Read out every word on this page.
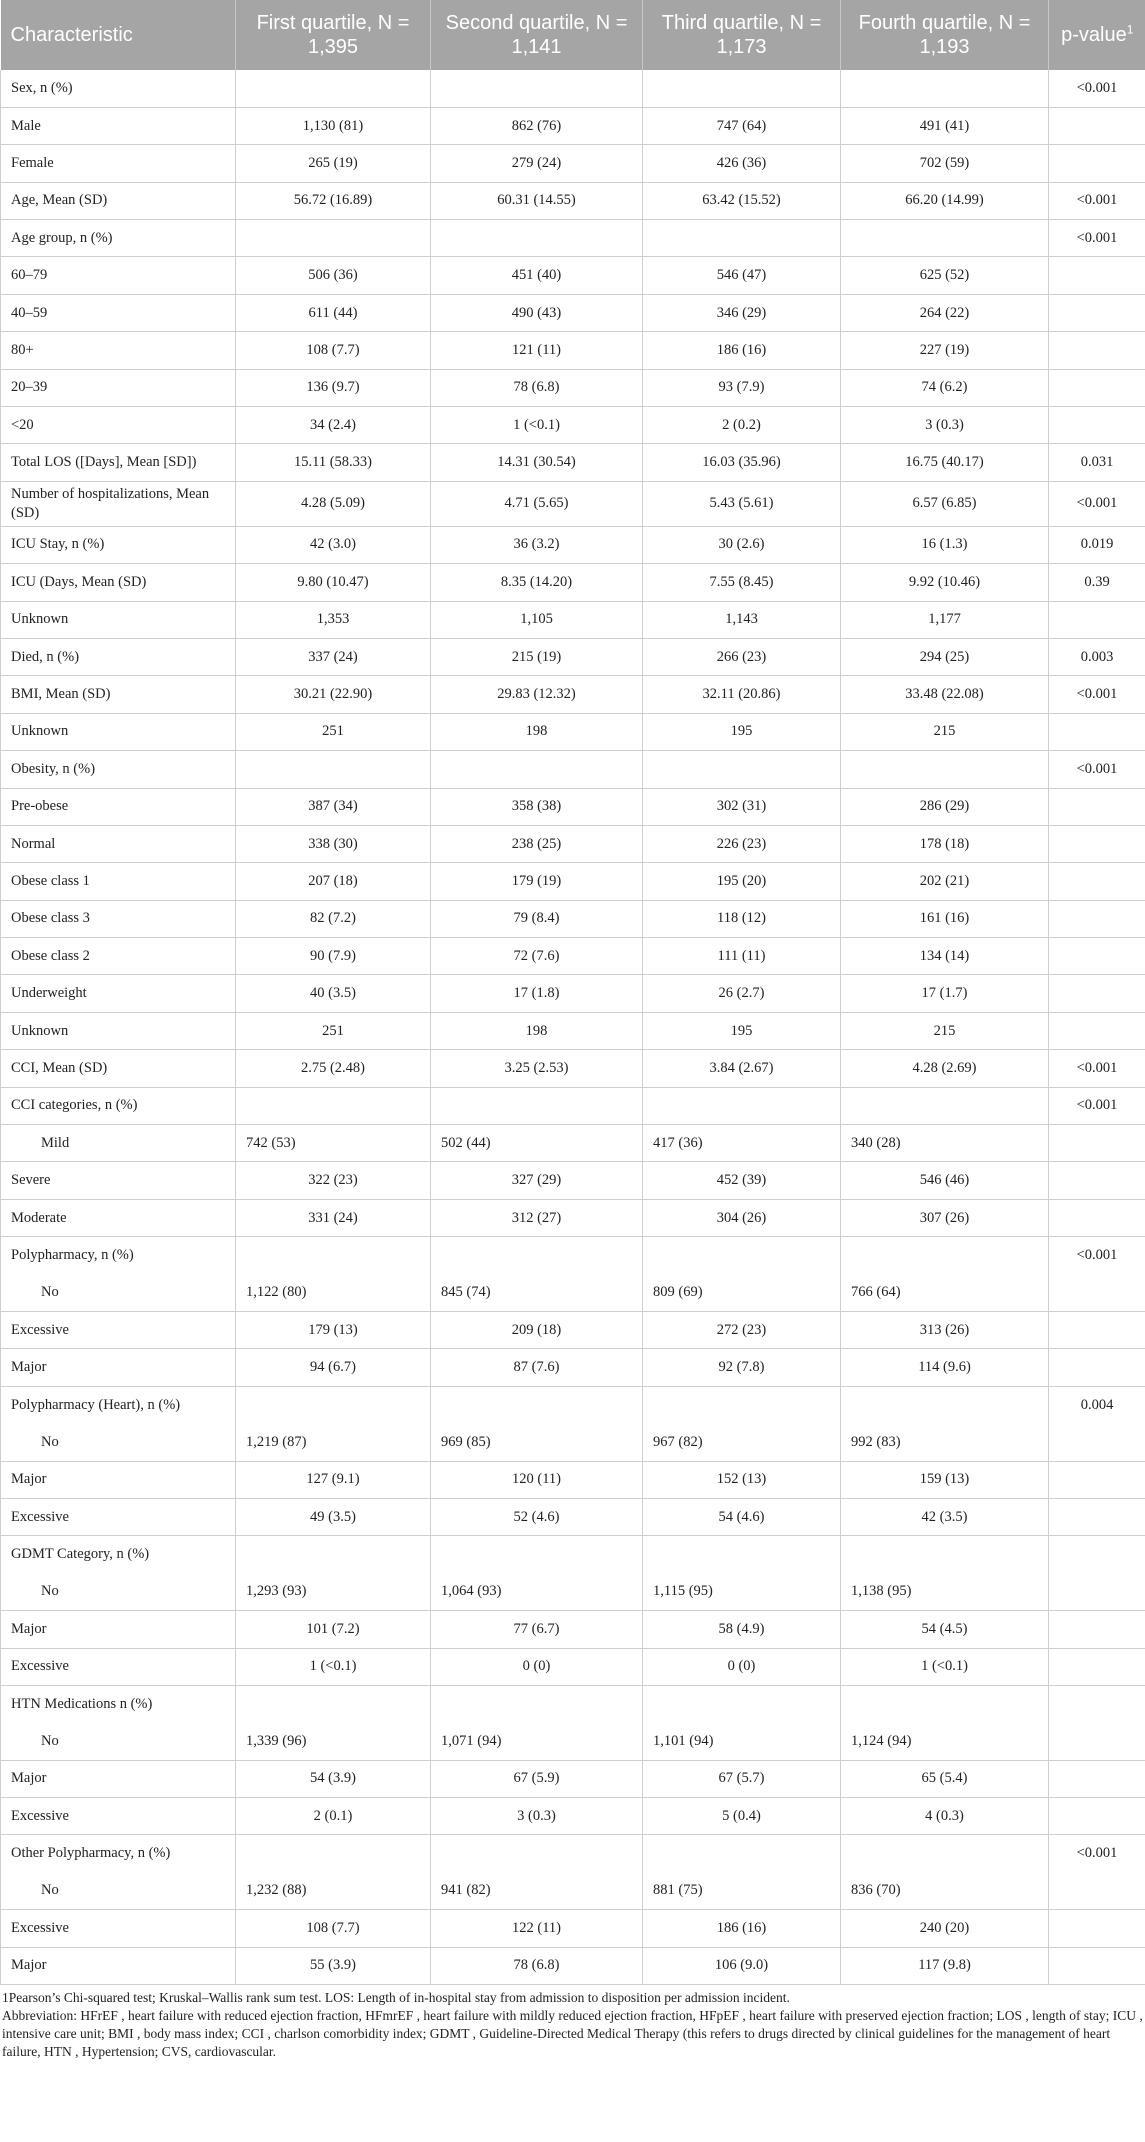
Characteristic	First quartile, N = 1,395	Second quartile, N = 1,141	Third quartile, N = 1,173	Fourth quartile, N = 1,193	p-value$^1$
Sex, n (%)					<0.001
Male	1,130 (81)	862 (76)	747 (64)	491 (41)	
Female	265 (19)	279 (24)	426 (36)	702 (59)	
Age, Mean (SD)	56.72 (16.89)	60.31 (14.55)	63.42 (15.52)	66.20 (14.99)	<0.001
Age group, n (%)					<0.001
60–79	506 (36)	451 (40)	546 (47)	625 (52)	
40–59	611 (44)	490 (43)	346 (29)	264 (22)	
80+	108 (7.7)	121 (11)	186 (16)	227 (19)	
20–39	136 (9.7)	78 (6.8)	93 (7.9)	74 (6.2)	
<20	34 (2.4)	1 (<0.1)	2 (0.2)	3 (0.3)	
Total LOS ([Days], Mean [SD])	15.11 (58.33)	14.31 (30.54)	16.03 (35.96)	16.75 (40.17)	0.031
Number of hospitalizations, Mean (SD)	4.28 (5.09)	4.71 (5.65)	5.43 (5.61)	6.57 (6.85)	<0.001
ICU Stay, n (%)	42 (3.0)	36 (3.2)	30 (2.6)	16 (1.3)	0.019
ICU (Days, Mean (SD)	9.80 (10.47)	8.35 (14.20)	7.55 (8.45)	9.92 (10.46)	0.39
Unknown	1,353	1,105	1,143	1,177	
Died, n (%)	337 (24)	215 (19)	266 (23)	294 (25)	0.003
BMI, Mean (SD)	30.21 (22.90)	29.83 (12.32)	32.11 (20.86)	33.48 (22.08)	<0.001
Unknown	251	198	195	215	
Obesity, n (%)					<0.001
Pre-obese	387 (34)	358 (38)	302 (31)	286 (29)	
Normal	338 (30)	238 (25)	226 (23)	178 (18)	
Obese class 1	207 (18)	179 (19)	195 (20)	202 (21)	
Obese class 3	82 (7.2)	79 (8.4)	118 (12)	161 (16)	
Obese class 2	90 (7.9)	72 (7.6)	111 (11)	134 (14)	
Underweight	40 (3.5)	17 (1.8)	26 (2.7)	17 (1.7)	
Unknown	251	198	195	215	
CCI, Mean (SD)	2.75 (2.48)	3.25 (2.53)	3.84 (2.67)	4.28 (2.69)	<0.001
CCI categories, n (%)					<0.001
Mild	742 (53)	502 (44)	417 (36)	340 (28)	
Severe	322 (23)	327 (29)	452 (39)	546 (46)	
Moderate	331 (24)	312 (27)	304 (26)	307 (26)	
Polypharmacy, n (%)					<0.001
No	1,122 (80)	845 (74)	809 (69)	766 (64)	
Excessive	179 (13)	209 (18)	272 (23)	313 (26)	
Major	94 (6.7)	87 (7.6)	92 (7.8)	114 (9.6)	
Polypharmacy (Heart), n (%)					0.004
No	1,219 (87)	969 (85)	967 (82)	992 (83)	
Major	127 (9.1)	120 (11)	152 (13)	159 (13)	
Excessive	49 (3.5)	52 (4.6)	54 (4.6)	42 (3.5)	
GDMT Category, n (%)					
No	1,293 (93)	1,064 (93)	1,115 (95)	1,138 (95)	
Major	101 (7.2)	77 (6.7)	58 (4.9)	54 (4.5)	
Excessive	1 (<0.1)	0 (0)	0 (0)	1 (<0.1)	
HTN Medications n (%)					
No	1,339 (96)	1,071 (94)	1,101 (94)	1,124 (94)	
Major	54 (3.9)	67 (5.9)	67 (5.7)	65 (5.4)	
Excessive	2 (0.1)	3 (0.3)	5 (0.4)	4 (0.3)	
Other Polypharmacy, n (%)					<0.001
No	1,232 (88)	941 (82)	881 (75)	836 (70)	
Excessive	108 (7.7)	122 (11)	186 (16)	240 (20)	
Major	55 (3.9)	78 (6.8)	106 (9.0)	117 (9.8)	

1Pearson’s Chi-squared test; Kruskal–Wallis rank sum test. LOS: Length of in-hospital stay from admission to disposition per admission incident.

Abbreviation: HFrEF , heart failure with reduced ejection fraction, HFmrEF , heart failure with mildly reduced ejection fraction, HFpEF , heart failure with preserved ejection fraction; LOS , length of stay; ICU , intensive care unit; BMI , body mass index; CCI , charlson comorbidity index; GDMT , Guideline-Directed Medical Therapy (this refers to drugs directed by clinical guidelines for the management of heart failure, HTN , Hypertension; CVS, cardiovascular.
